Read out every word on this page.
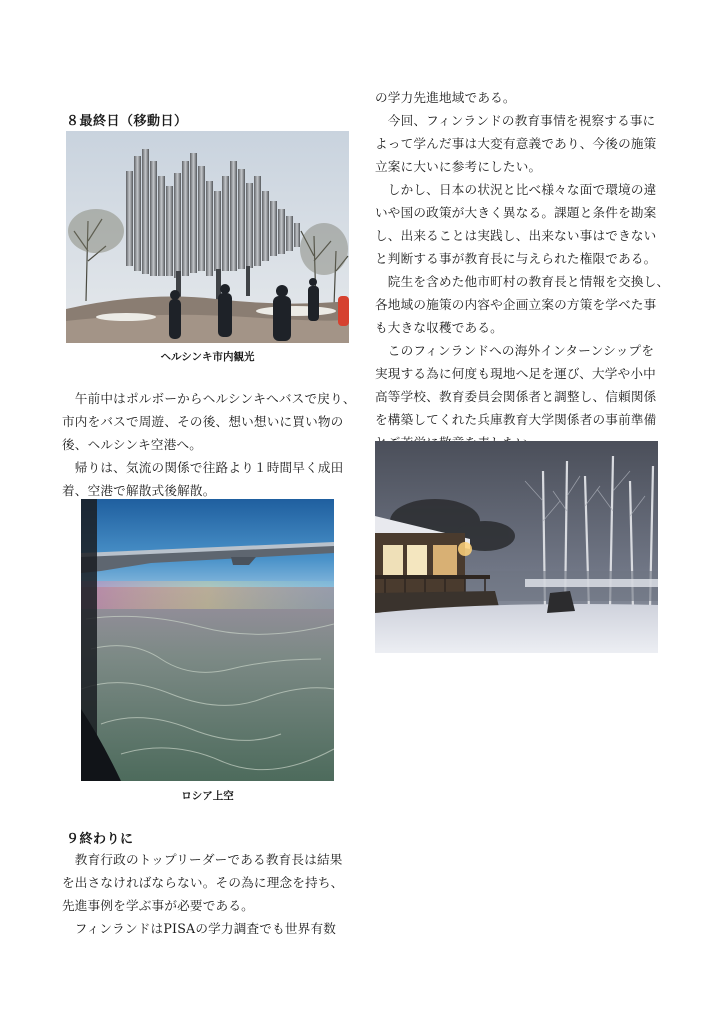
８最終日（移動日）
ヘルシンキ市内観光
　午前中はポルボーからヘルシンキへバスで戻り、
市内をバスで周遊、その後、想い想いに買い物の
後、ヘルシンキ空港へ。
　帰りは、気流の関係で往路より１時間早く成田
着、空港で解散式後解散。
ロシア上空
９終わりに
　教育行政のトップリーダーである教育長は結果
を出さなければならない。その為に理念を持ち、
先進事例を学ぶ事が必要である。
　フィンランドはPISAの学力調査でも世界有数
の学力先進地域である。
　今回、フィンランドの教育事情を視察する事に
よって学んだ事は大変有意義であり、今後の施策
立案に大いに参考にしたい。
　しかし、日本の状況と比べ様々な面で環境の違
いや国の政策が大きく異なる。課題と条件を勘案
し、出来ることは実践し、出来ない事はできない
と判断する事が教育長に与えられた権限である。
　院生を含めた他市町村の教育長と情報を交換し、
各地域の施策の内容や企画立案の方策を学べた事
も大きな収穫である。
　このフィンランドへの海外インターンシップを
実現する為に何度も現地へ足を運び、大学や小中
高等学校、教育委員会関係者と調整し、信頼関係
を構築してくれた兵庫教育大学関係者の事前準備
